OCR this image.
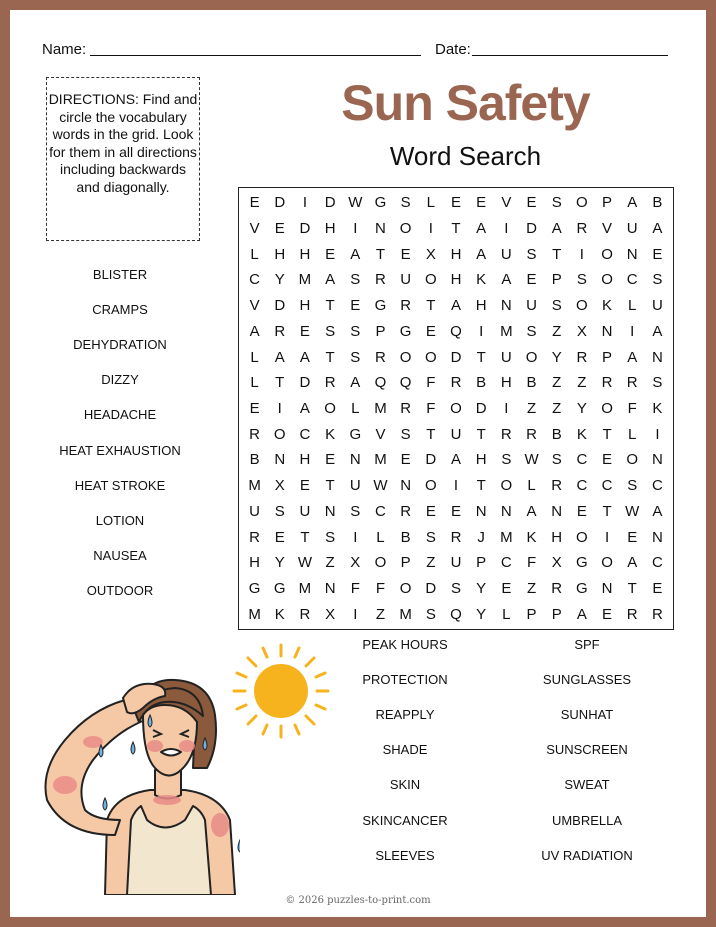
Name:	Date:
DIRECTIONS: Find and circle the vocabulary words in the grid. Look for them in all directions including backwards and diagonally.
Sun Safety
Word Search
E D	I	D W G S	L	E	E	V	E	S O P	A	B
V	E D H	I	N O	I	T	A	I	D A R V U A
L	H H E	A	T	E	X H A U S	T	I	O N E
C Y M A	S R U O H K	A	E	P	S O C S
V D H	T	E G R	T	A H N U S O K	L	U
A R E	S	S	P G E Q	I	M S	Z	X N	I	A
L	A	A	T	S R O O D	T	U O Y R P	A N
L	T	D R A Q Q F	R B H B	Z	Z	R R S
E	I	A O	L M R	F O D	I	Z	Z	Y O F	K
R O C K G V	S	T	U	T	R R B	K	T	L	I
B N H E N M E D A H S W S C E O N
M X	E	T	U W N O	I	T O	L	R C C S C
U S U N S C R E	E N N A N E	T W A
R E	T	S	I	L	B	S R	J	M K H O	I	E N
H Y W Z	X O P	Z	U P C	F	X G O A C
G G M N	F	F O D S	Y	E	Z	R G N	T	E
M K R X	I	Z M S Q Y	L	P	P	A	E R R
BLISTER
CRAMPS
DEHYDRATION
DIZZY
HEADACHE
HEAT EXHAUSTION
HEAT STROKE
LOTION
NAUSEA
OUTDOOR
PEAK HOURS
PROTECTION
REAPPLY
SHADE
SKIN
SKINCANCER
SLEEVES
SPF
SUNGLASSES
SUNHAT
SUNSCREEN
SWEAT
UMBRELLA
UV RADIATION
© 2026 puzzles-to-print.com
